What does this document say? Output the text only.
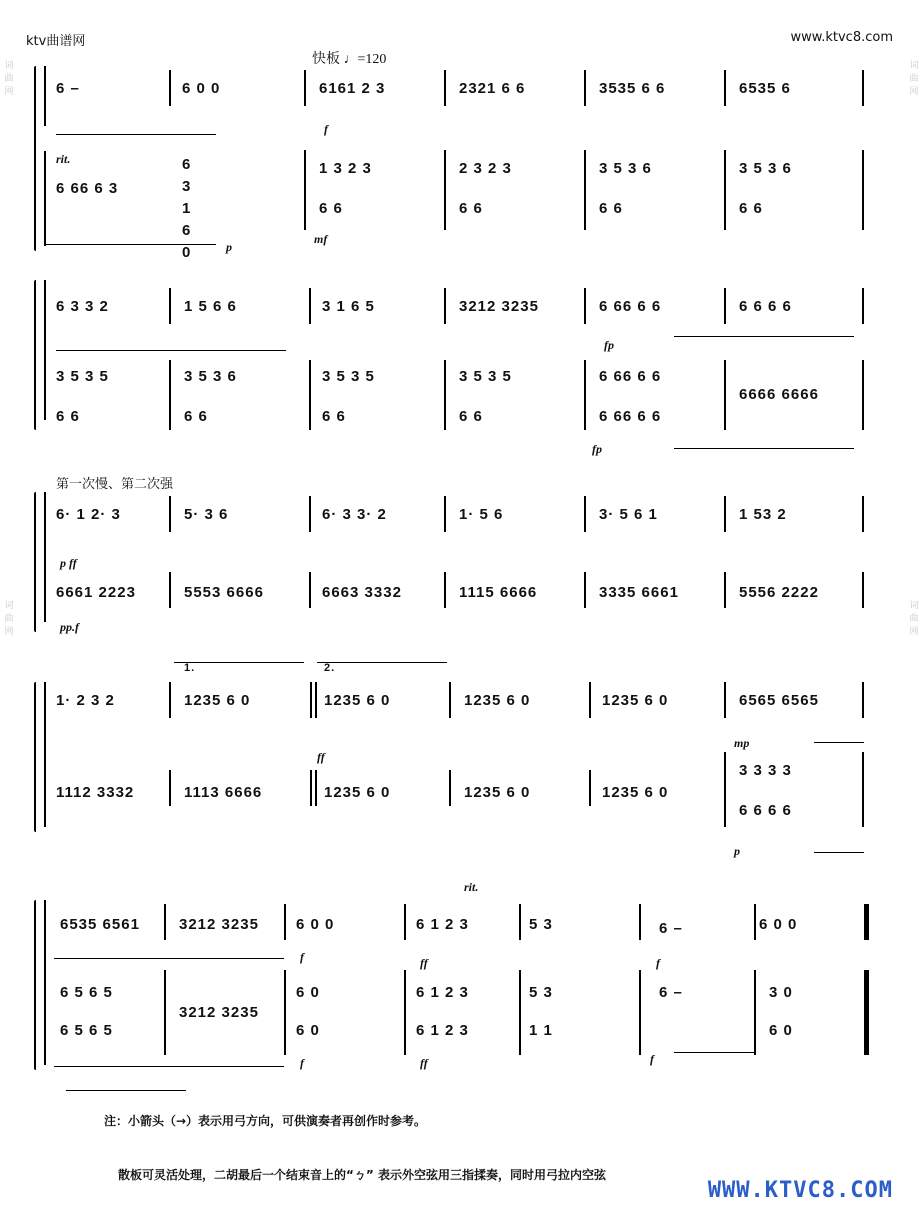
ktv曲谱网	www.ktvc8.com
词曲网
词曲网
词曲网
词曲网
快板 ♩=120
6 –	6 0 0	6161 2 3	2321 6 6	3535 6 6	6535 6
rit.
f
mf
p
6 66 6 3
6 3 1 6 0
1 3 2 3	2 3 2 3	3 5 3 6	3 5 3 6
6 6	6 6	6 6	6 6
6 3 3 2	1 5 6 6	3 1 6 5	3212 3235	6 66 6 6	6 6 6 6
fp
fp
3 5 3 5	3 5 3 6	3 5 3 5	3 5 3 5	6 66 6 6
6666 6666
6 6	6 6	6 6	6 6	6 66 6 6
第一次慢、第二次强
6· 1 2· 3	5· 3 6	6· 3 3· 2	1· 5 6	3· 5 6 1	1 53 2
p ff
pp.f
6661 2223	5553 6666	6663 3332	1115 6666	3335 6661	5556 2222
1.	2.
1· 2 3 2	1235 6 0	1235 6 0	1235 6 0	1235 6 0	6565 6565
ff
mp
p
1112 3332	1113 6666	1235 6 0	1235 6 0	1235 6 0
3 3 3 3
6 6 6 6
rit.
6535 6561	3212 3235 6 0 0	6 1 2 3	5 3	6 –	6 0 0
f	ff	f
6 5 6 5
3212 3235
6 0	6 1 2 3	5 3	6 –	3 0
6 5 6 5	6 0	6 1 2 3	1 1	6 0
f	ff	f
注：小箭头（→）表示用弓方向，可供演奏者再创作时参考。
散板可灵活处理，二胡最后一个结束音上的“ㄅ” 表示外空弦用三指揉奏，同时用弓拉内空弦
WWW.KTVC8.COM
